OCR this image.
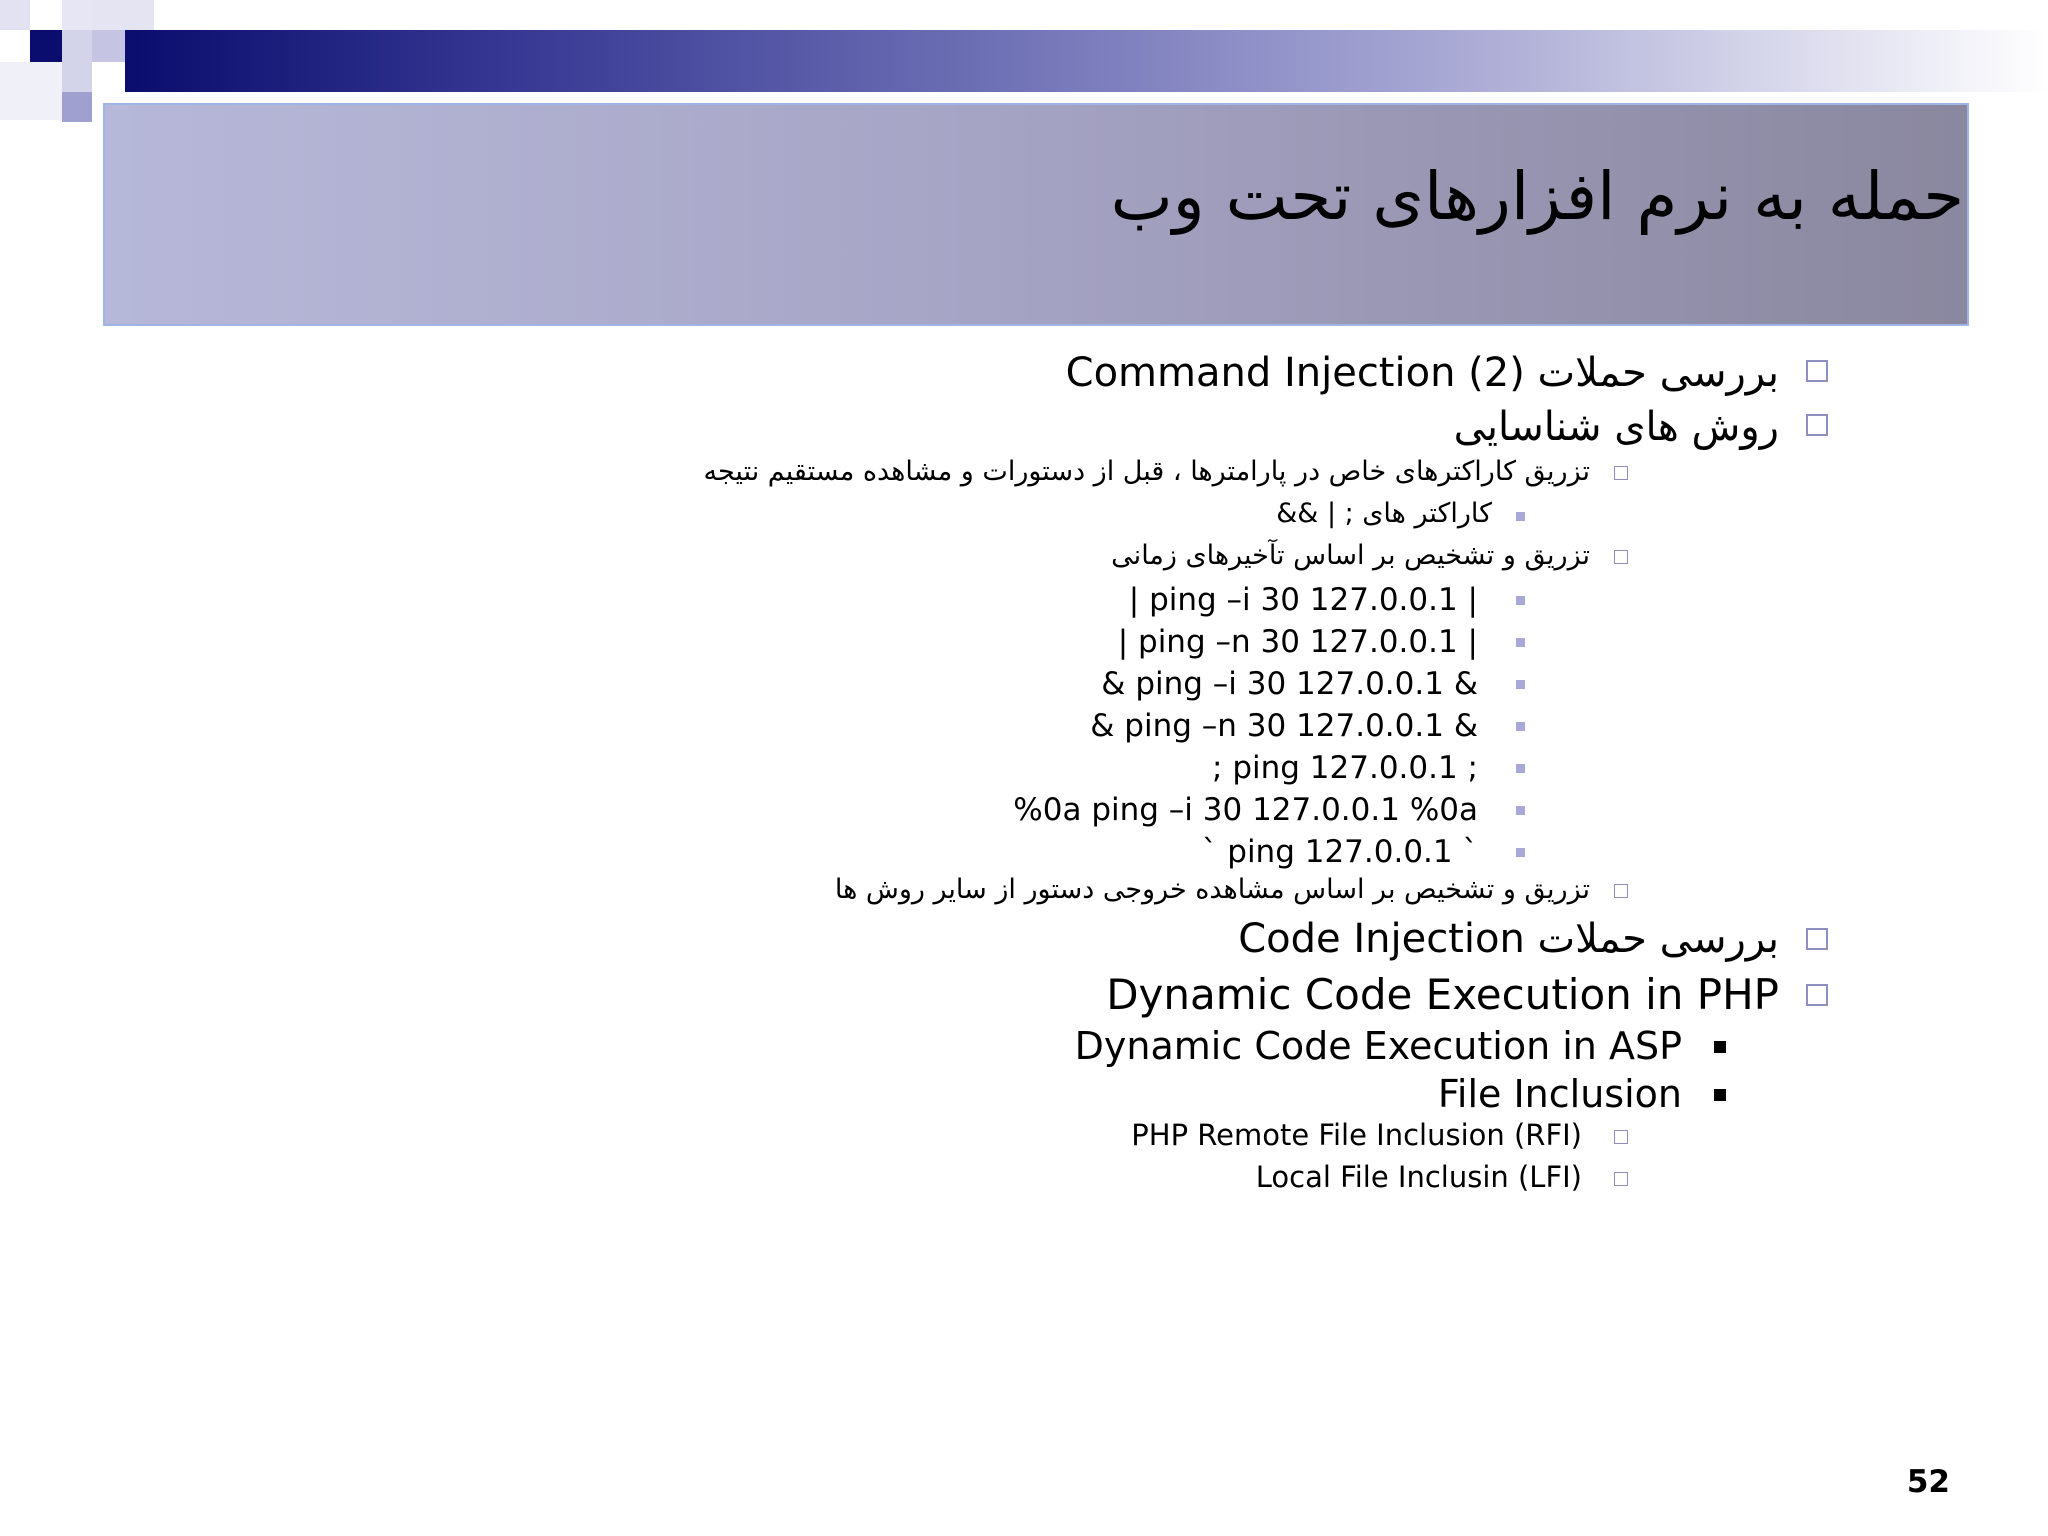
حمله به نرم افزارهای تحت وب
بررسی حملات Command Injection (2)
روش های شناسایی
تزریق کاراکترهای خاص در پارامترها ، قبل از دستورات و مشاهده مستقیم نتیجه
کاراکتر های ; | &&
تزریق و تشخیص بر اساس تآخیرهای زمانی
| ping –i 30 127.0.0.1 |
| ping –n 30 127.0.0.1 |
& ping –i 30 127.0.0.1 &
& ping –n 30 127.0.0.1 &
; ping 127.0.0.1 ;
%0a ping –i 30 127.0.0.1 %0a
` ping 127.0.0.1 `
تزریق و تشخیص بر اساس مشاهده خروجی دستور از سایر روش ها
بررسی حملات Code Injection
Dynamic Code Execution in PHP
Dynamic Code Execution in ASP
File Inclusion
PHP Remote File Inclusion (RFI)
Local File Inclusin (LFI)
52
